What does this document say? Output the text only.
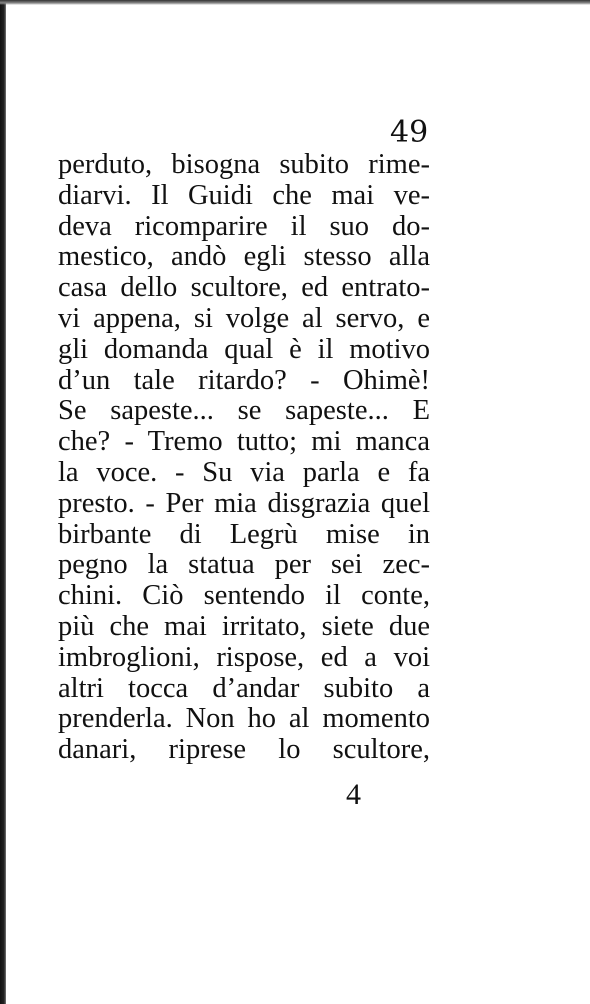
49
perduto, bisogna subito rime-
diarvi. Il Guidi che mai ve-
deva ricomparire il suo do-
mestico, andò egli stesso alla
casa dello scultore, ed entrato-
vi appena, si volge al servo, e
gli domanda qual è il motivo
d’un tale ritardo? - Ohimè!
Se sapeste... se sapeste... E
che? - Tremo tutto; mi manca
la voce. - Su via parla e fa
presto. - Per mia disgrazia quel
birbante di Legrù mise in
pegno la statua per sei zec-
chini. Ciò sentendo il conte,
più che mai irritato, siete due
imbroglioni, rispose, ed a voi
altri tocca d’andar subito a
prenderla. Non ho al momento
danari, riprese lo scultore,
4
